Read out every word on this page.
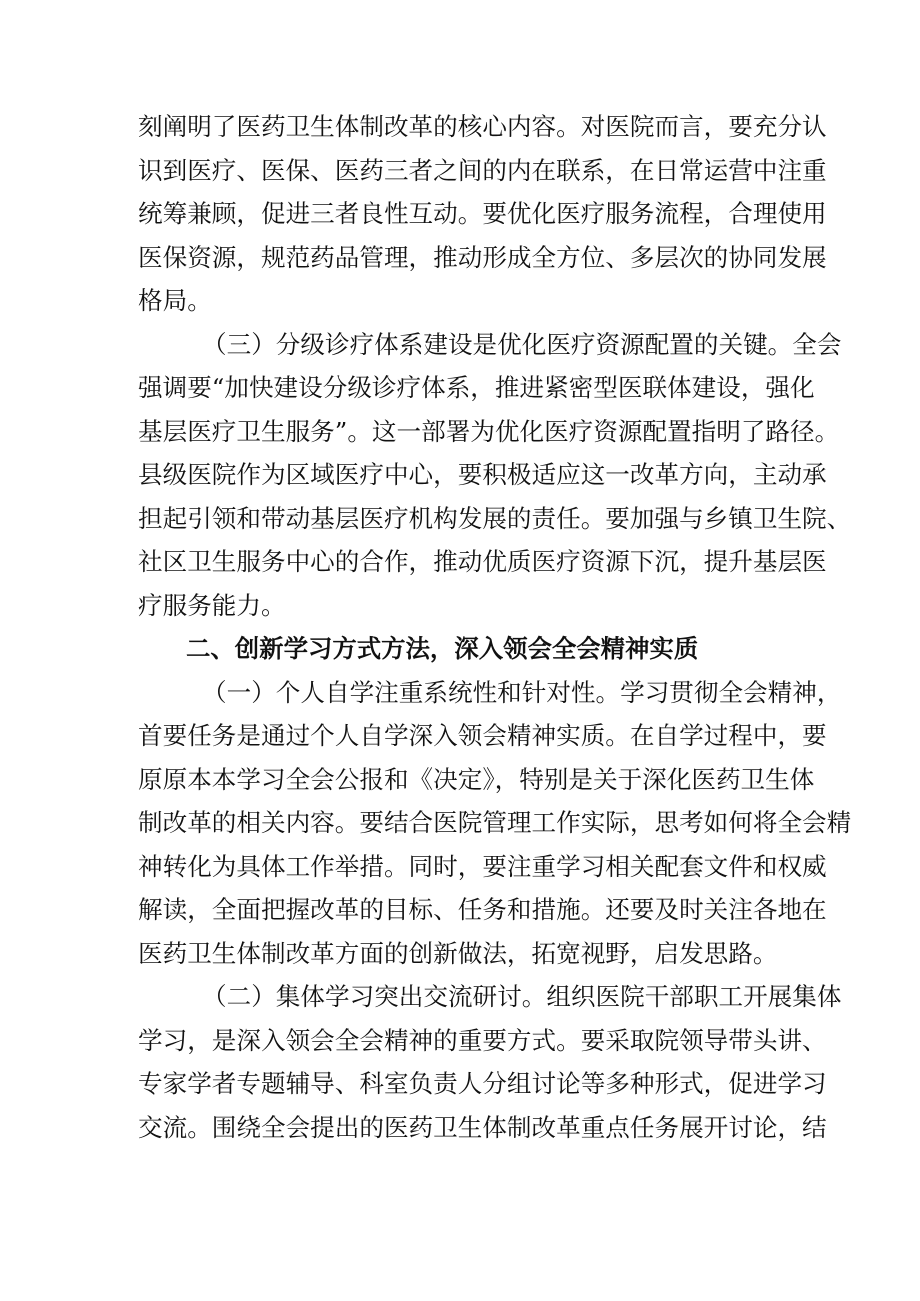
刻阐明了医药卫生体制改革的核心内容。对医院而言，要充分认
识到医疗、医保、医药三者之间的内在联系，在日常运营中注重
统筹兼顾，促进三者良性互动。要优化医疗服务流程，合理使用
医保资源，规范药品管理，推动形成全方位、多层次的协同发展
格局。
（三）分级诊疗体系建设是优化医疗资源配置的关键。全会
强调要“加快建设分级诊疗体系，推进紧密型医联体建设，强化
基层医疗卫生服务”。这一部署为优化医疗资源配置指明了路径。
县级医院作为区域医疗中心，要积极适应这一改革方向，主动承
担起引领和带动基层医疗机构发展的责任。要加强与乡镇卫生院、
社区卫生服务中心的合作，推动优质医疗资源下沉，提升基层医
疗服务能力。
二、创新学习方式方法，深入领会全会精神实质
（一）个人自学注重系统性和针对性。学习贯彻全会精神，
首要任务是通过个人自学深入领会精神实质。在自学过程中，要
原原本本学习全会公报和《决定》，特别是关于深化医药卫生体
制改革的相关内容。要结合医院管理工作实际，思考如何将全会精
神转化为具体工作举措。同时，要注重学习相关配套文件和权威
解读，全面把握改革的目标、任务和措施。还要及时关注各地在
医药卫生体制改革方面的创新做法，拓宽视野，启发思路。
（二）集体学习突出交流研讨。组织医院干部职工开展集体
学习，是深入领会全会精神的重要方式。要采取院领导带头讲、
专家学者专题辅导、科室负责人分组讨论等多种形式，促进学习
交流。围绕全会提出的医药卫生体制改革重点任务展开讨论，结
